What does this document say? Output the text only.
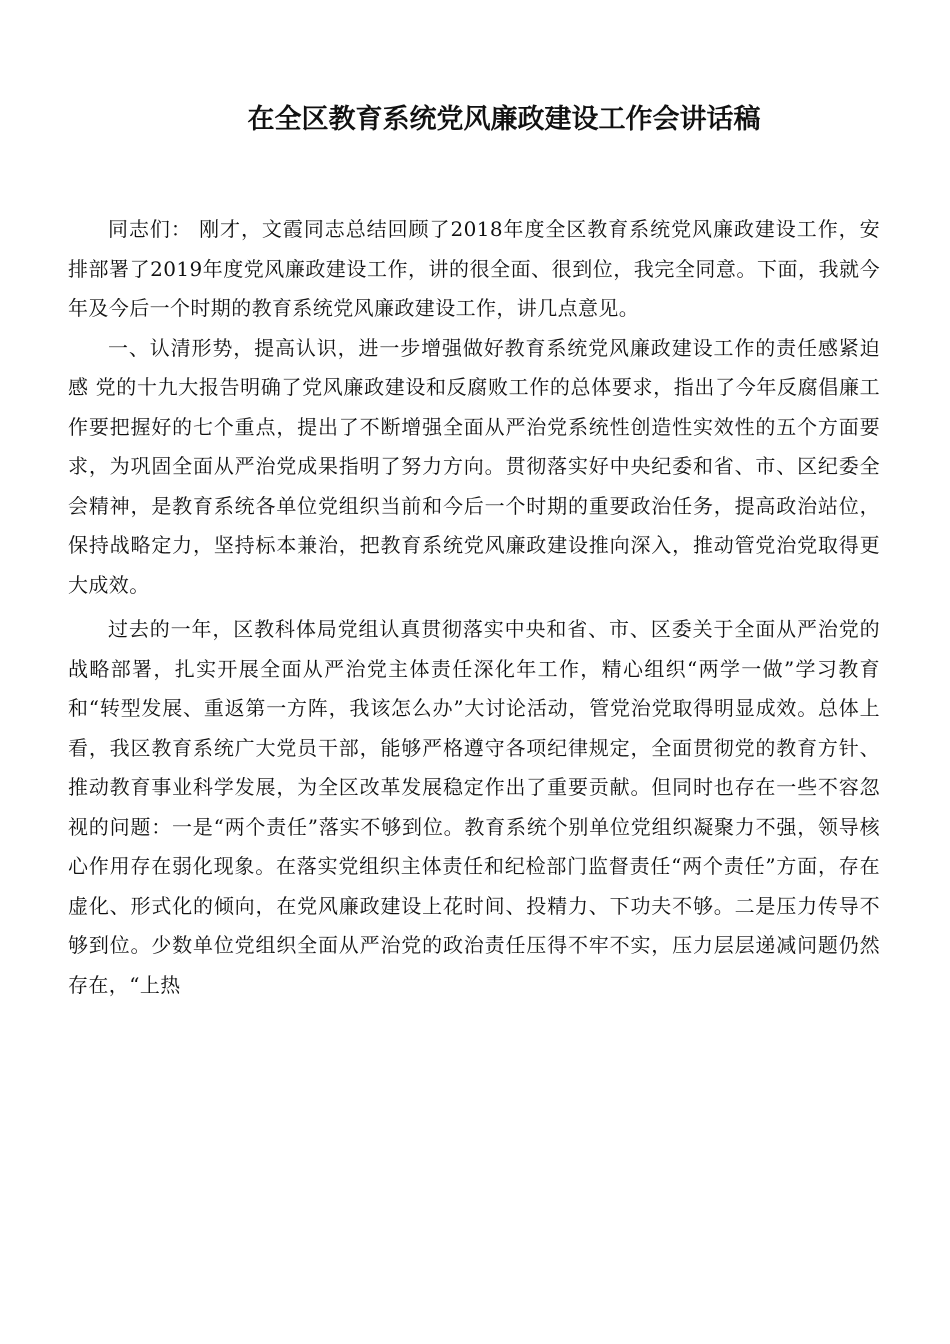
在全区教育系统党风廉政建设工作会讲话稿

同志们： 刚才，文霞同志总结回顾了2018年度全区教育系统党风廉政建设工作，安排部署了2019年度党风廉政建设工作，讲的很全面、很到位，我完全同意。下面，我就今年及今后一个时期的教育系统党风廉政建设工作，讲几点意见。

一、认清形势，提高认识，进一步增强做好教育系统党风廉政建设工作的责任感紧迫感 党的十九大报告明确了党风廉政建设和反腐败工作的总体要求，指出了今年反腐倡廉工作要把握好的七个重点，提出了不断增强全面从严治党系统性创造性实效性的五个方面要求，为巩固全面从严治党成果指明了努力方向。贯彻落实好中央纪委和省、市、区纪委全会精神，是教育系统各单位党组织当前和今后一个时期的重要政治任务，提高政治站位，保持战略定力，坚持标本兼治，把教育系统党风廉政建设推向深入，推动管党治党取得更大成效。

过去的一年，区教科体局党组认真贯彻落实中央和省、市、区委关于全面从严治党的战略部署，扎实开展全面从严治党主体责任深化年工作，精心组织“两学一做”学习教育和“转型发展、重返第一方阵，我该怎么办”大讨论活动，管党治党取得明显成效。总体上看，我区教育系统广大党员干部，能够严格遵守各项纪律规定，全面贯彻党的教育方针、推动教育事业科学发展，为全区改革发展稳定作出了重要贡献。但同时也存在一些不容忽视的问题：一是“两个责任”落实不够到位。教育系统个别单位党组织凝聚力不强，领导核心作用存在弱化现象。在落实党组织主体责任和纪检部门监督责任“两个责任”方面，存在虚化、形式化的倾向，在党风廉政建设上花时间、投精力、下功夫不够。二是压力传导不够到位。少数单位党组织全面从严治党的政治责任压得不牢不实，压力层层递减问题仍然存在，“上热
